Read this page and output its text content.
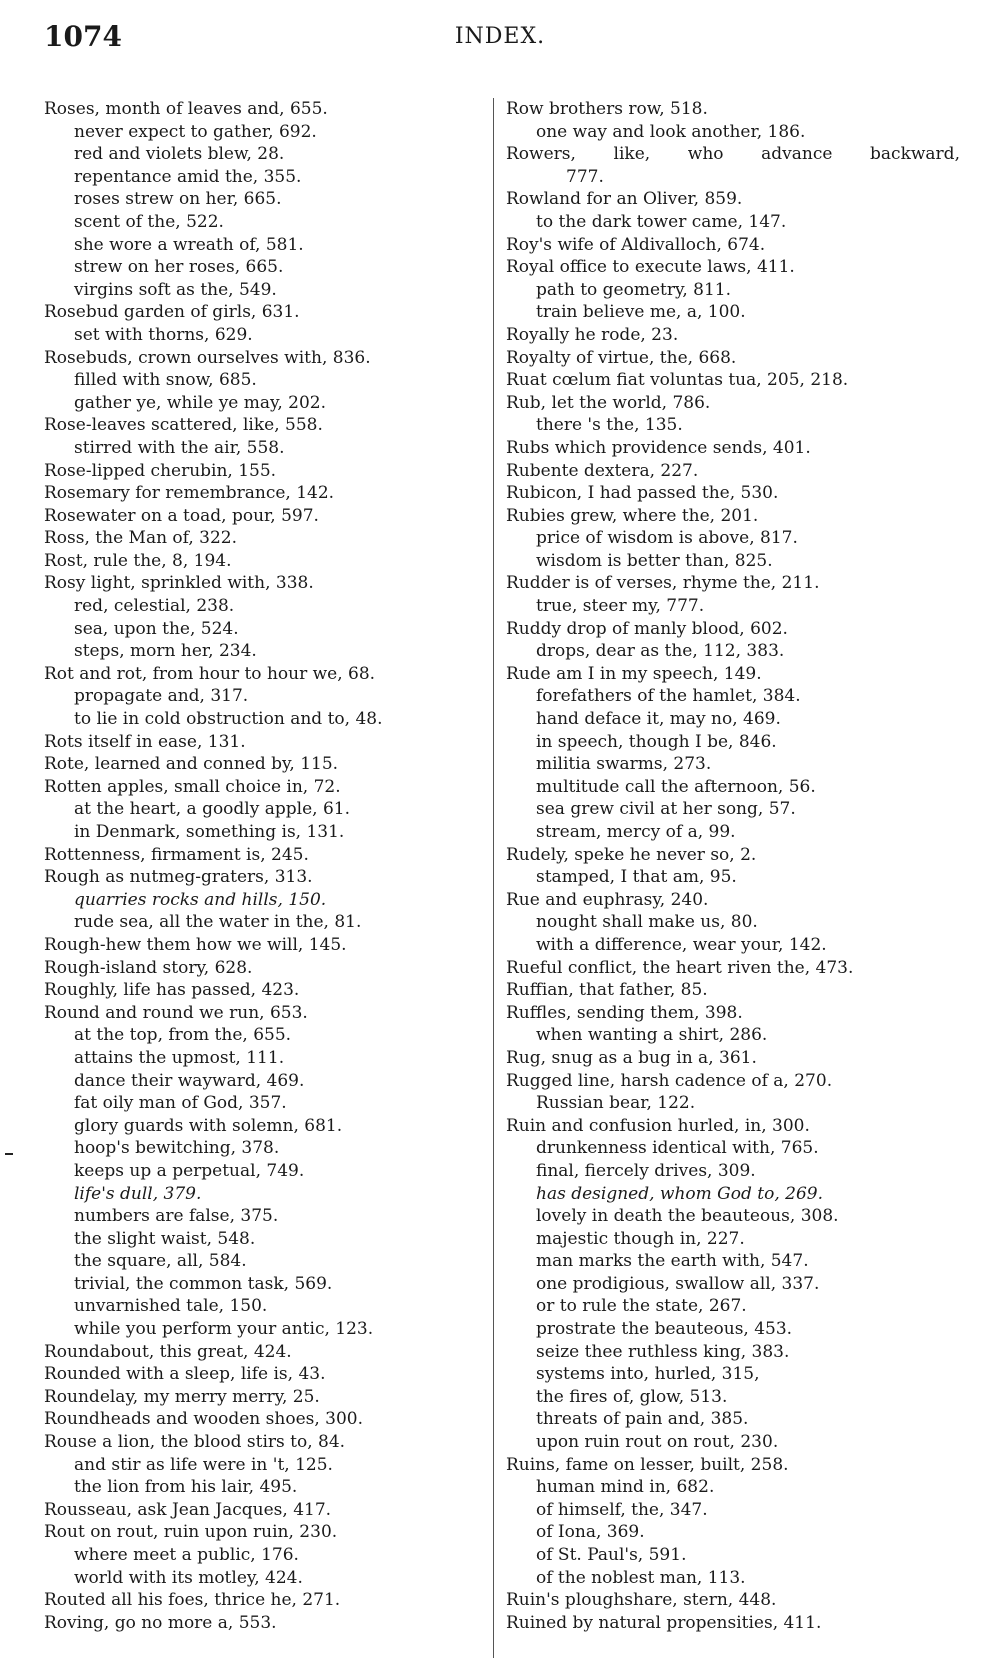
1074	INDEX.
Roses, month of leaves and, 655.
never expect to gather, 692.
red and violets blew, 28.
repentance amid the, 355.
roses strew on her, 665.
scent of the, 522.
she wore a wreath of, 581.
strew on her roses, 665.
virgins soft as the, 549.
Rosebud garden of girls, 631.
set with thorns, 629.
Rosebuds, crown ourselves with, 836.
filled with snow, 685.
gather ye, while ye may, 202.
Rose-leaves scattered, like, 558.
stirred with the air, 558.
Rose-lipped cherubin, 155.
Rosemary for remembrance, 142.
Rosewater on a toad, pour, 597.
Ross, the Man of, 322.
Rost, rule the, 8, 194.
Rosy light, sprinkled with, 338.
red, celestial, 238.
sea, upon the, 524.
steps, morn her, 234.
Rot and rot, from hour to hour we, 68.
propagate and, 317.
to lie in cold obstruction and to, 48.
Rots itself in ease, 131.
Rote, learned and conned by, 115.
Rotten apples, small choice in, 72.
at the heart, a goodly apple, 61.
in Denmark, something is, 131.
Rottenness, firmament is, 245.
Rough as nutmeg-graters, 313.
quarries rocks and hills, 150.
rude sea, all the water in the, 81.
Rough-hew them how we will, 145.
Rough-island story, 628.
Roughly, life has passed, 423.
Round and round we run, 653.
at the top, from the, 655.
attains the upmost, 111.
dance their wayward, 469.
fat oily man of God, 357.
glory guards with solemn, 681.
hoop's bewitching, 378.
keeps up a perpetual, 749.
life's dull, 379.
numbers are false, 375.
the slight waist, 548.
the square, all, 584.
trivial, the common task, 569.
unvarnished tale, 150.
while you perform your antic, 123.
Roundabout, this great, 424.
Rounded with a sleep, life is, 43.
Roundelay, my merry merry, 25.
Roundheads and wooden shoes, 300.
Rouse a lion, the blood stirs to, 84.
and stir as life were in 't, 125.
the lion from his lair, 495.
Rousseau, ask Jean Jacques, 417.
Rout on rout, ruin upon ruin, 230.
where meet a public, 176.
world with its motley, 424.
Routed all his foes, thrice he, 271.
Roving, go no more a, 553.
Row brothers row, 518.
one way and look another, 186.
Rowers, like, who advance backward,
777.
Rowland for an Oliver, 859.
to the dark tower came, 147.
Roy's wife of Aldivalloch, 674.
Royal office to execute laws, 411.
path to geometry, 811.
train believe me, a, 100.
Royally he rode, 23.
Royalty of virtue, the, 668.
Ruat cœlum fiat voluntas tua, 205, 218.
Rub, let the world, 786.
there 's the, 135.
Rubs which providence sends, 401.
Rubente dextera, 227.
Rubicon, I had passed the, 530.
Rubies grew, where the, 201.
price of wisdom is above, 817.
wisdom is better than, 825.
Rudder is of verses, rhyme the, 211.
true, steer my, 777.
Ruddy drop of manly blood, 602.
drops, dear as the, 112, 383.
Rude am I in my speech, 149.
forefathers of the hamlet, 384.
hand deface it, may no, 469.
in speech, though I be, 846.
militia swarms, 273.
multitude call the afternoon, 56.
sea grew civil at her song, 57.
stream, mercy of a, 99.
Rudely, speke he never so, 2.
stamped, I that am, 95.
Rue and euphrasy, 240.
nought shall make us, 80.
with a difference, wear your, 142.
Rueful conflict, the heart riven the, 473.
Ruffian, that father, 85.
Ruffles, sending them, 398.
when wanting a shirt, 286.
Rug, snug as a bug in a, 361.
Rugged line, harsh cadence of a, 270.
Russian bear, 122.
Ruin and confusion hurled, in, 300.
drunkenness identical with, 765.
final, fiercely drives, 309.
has designed, whom God to, 269.
lovely in death the beauteous, 308.
majestic though in, 227.
man marks the earth with, 547.
one prodigious, swallow all, 337.
or to rule the state, 267.
prostrate the beauteous, 453.
seize thee ruthless king, 383.
systems into, hurled, 315,
the fires of, glow, 513.
threats of pain and, 385.
upon ruin rout on rout, 230.
Ruins, fame on lesser, built, 258.
human mind in, 682.
of himself, the, 347.
of Iona, 369.
of St. Paul's, 591.
of the noblest man, 113.
Ruin's ploughshare, stern, 448.
Ruined by natural propensities, 411.
